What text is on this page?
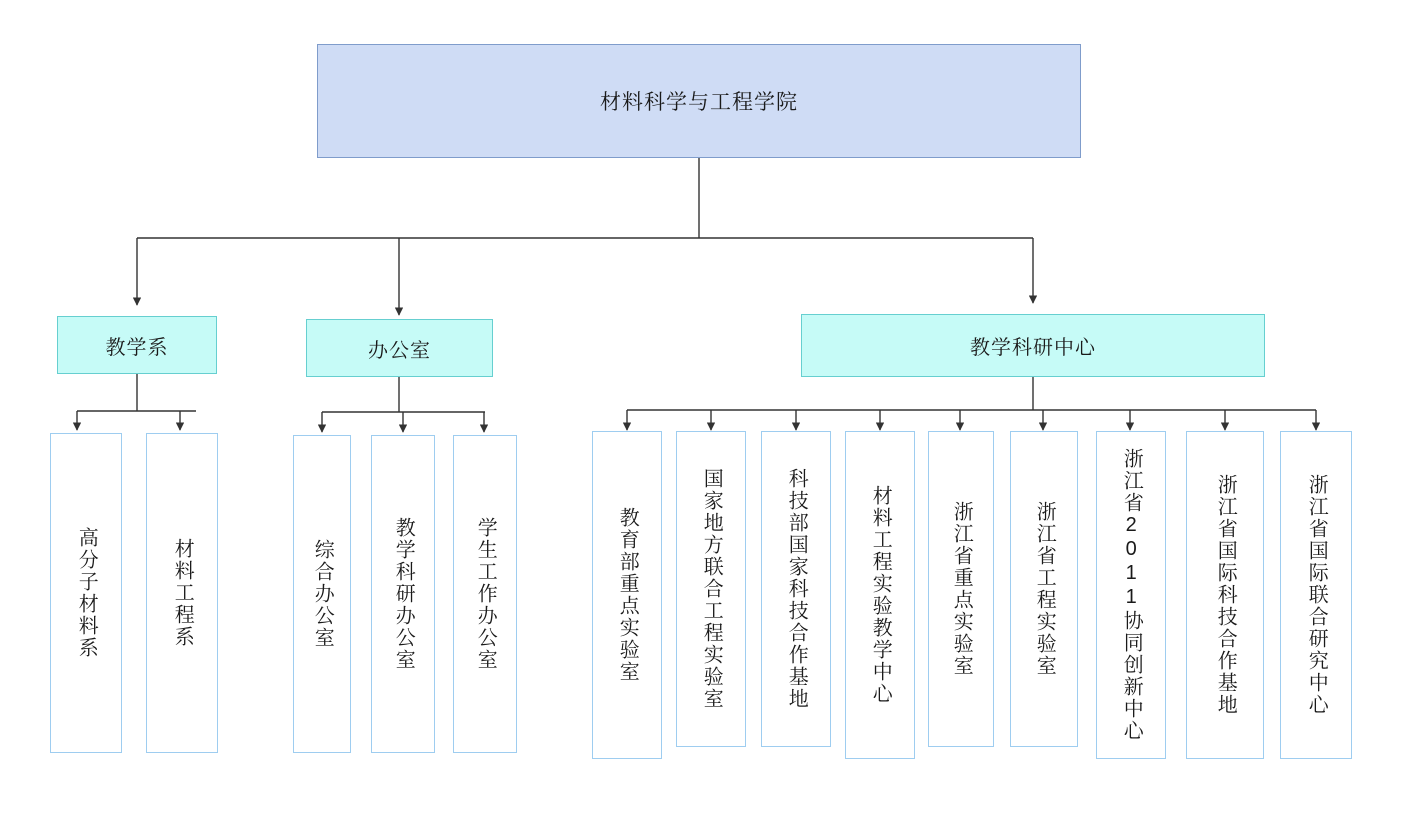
材料科学与工程学院
教学系	办公室	教学科研中心
高分子材料系	材料工程系	综合办公室	教学科研办公室	学生工作办公室	教育部重点实验室	国家地方联合工程实验室	科技部国家科技合作基地	材料工程实验教学中心	浙江省重点实验室	浙江省工程实验室	浙江省2011协同创新中心	浙江省国际科技合作基地	浙江省国际联合研究中心
